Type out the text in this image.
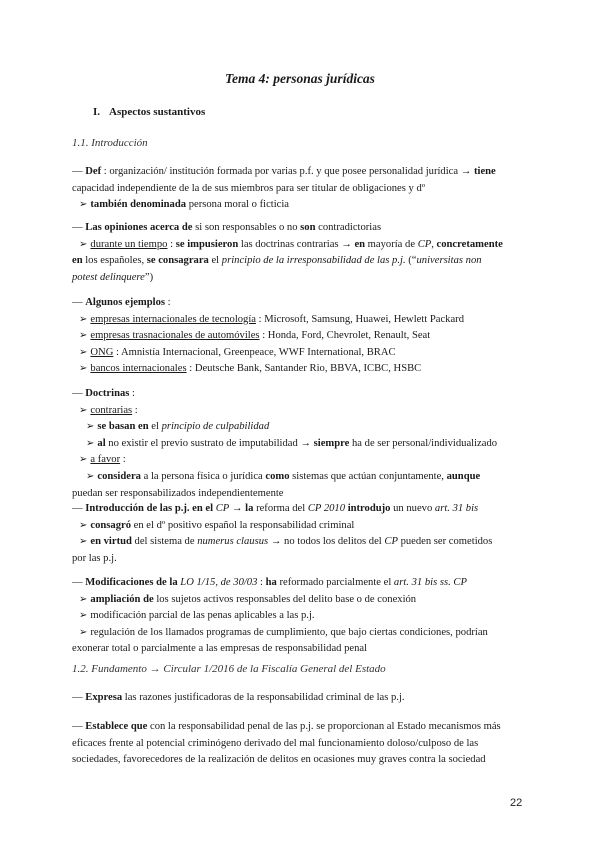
Tema 4: personas jurídicas
I. Aspectos sustantivos
1.1. Introducción
— Def : organización/ institución formada por varias p.f. y que posee personalidad jurídica → tiene
capacidad independiente de la de sus miembros para ser titular de obligaciones y dº
➢ también denominada persona moral o ficticia
— Las opiniones acerca de si son responsables o no son contradictorias
➢ durante un tiempo : se impusieron las doctrinas contrarias → en mayoría de CP, concretamente
en los españoles, se consagrara el principio de la irresponsabilidad de las p.j. (“universitas non
potest delinquere”)
— Algunos ejemplos :
➢ empresas internacionales de tecnología : Microsoft, Samsung, Huawei, Hewlett Packard
➢ empresas trasnacionales de automóviles : Honda, Ford, Chevrolet, Renault, Seat
➢ ONG : Amnistía Internacional, Greenpeace, WWF International, BRAC
➢ bancos internacionales : Deutsche Bank, Santander Rio, BBVA, ICBC, HSBC
— Doctrinas :
➢ contrarias :
➢ se basan en el principio de culpabilidad
➢ al no existir el previo sustrato de imputabilidad → siempre ha de ser personal/individualizado
➢ a favor :
➢ considera a la persona física o jurídica como sistemas que actúan conjuntamente, aunque
puedan ser responsabilizados independientemente
— Introducción de las p.j. en el CP → la reforma del CP 2010 introdujo un nuevo art. 31 bis
➢ consagró en el dº positivo español la responsabilidad criminal
➢ en virtud del sistema de numerus clausus → no todos los delitos del CP pueden ser cometidos
por las p.j.
— Modificaciones de la LO 1/15, de 30/03 : ha reformado parcialmente el art. 31 bis ss. CP
➢ ampliación de los sujetos activos responsables del delito base o de conexión
➢ modificación parcial de las penas aplicables a las p.j.
➢ regulación de los llamados programas de cumplimiento, que bajo ciertas condiciones, podrían
exonerar total o parcialmente a las empresas de responsabilidad penal
1.2. Fundamento → Circular 1/2016 de la Fiscalía General del Estado
— Expresa las razones justificadoras de la responsabilidad criminal de las p.j.
— Establece que con la responsabilidad penal de las p.j. se proporcionan al Estado mecanismos más
eficaces frente al potencial criminógeno derivado del mal funcionamiento doloso/culposo de las
sociedades, favorecedores de la realización de delitos en ocasiones muy graves contra la sociedad
22
